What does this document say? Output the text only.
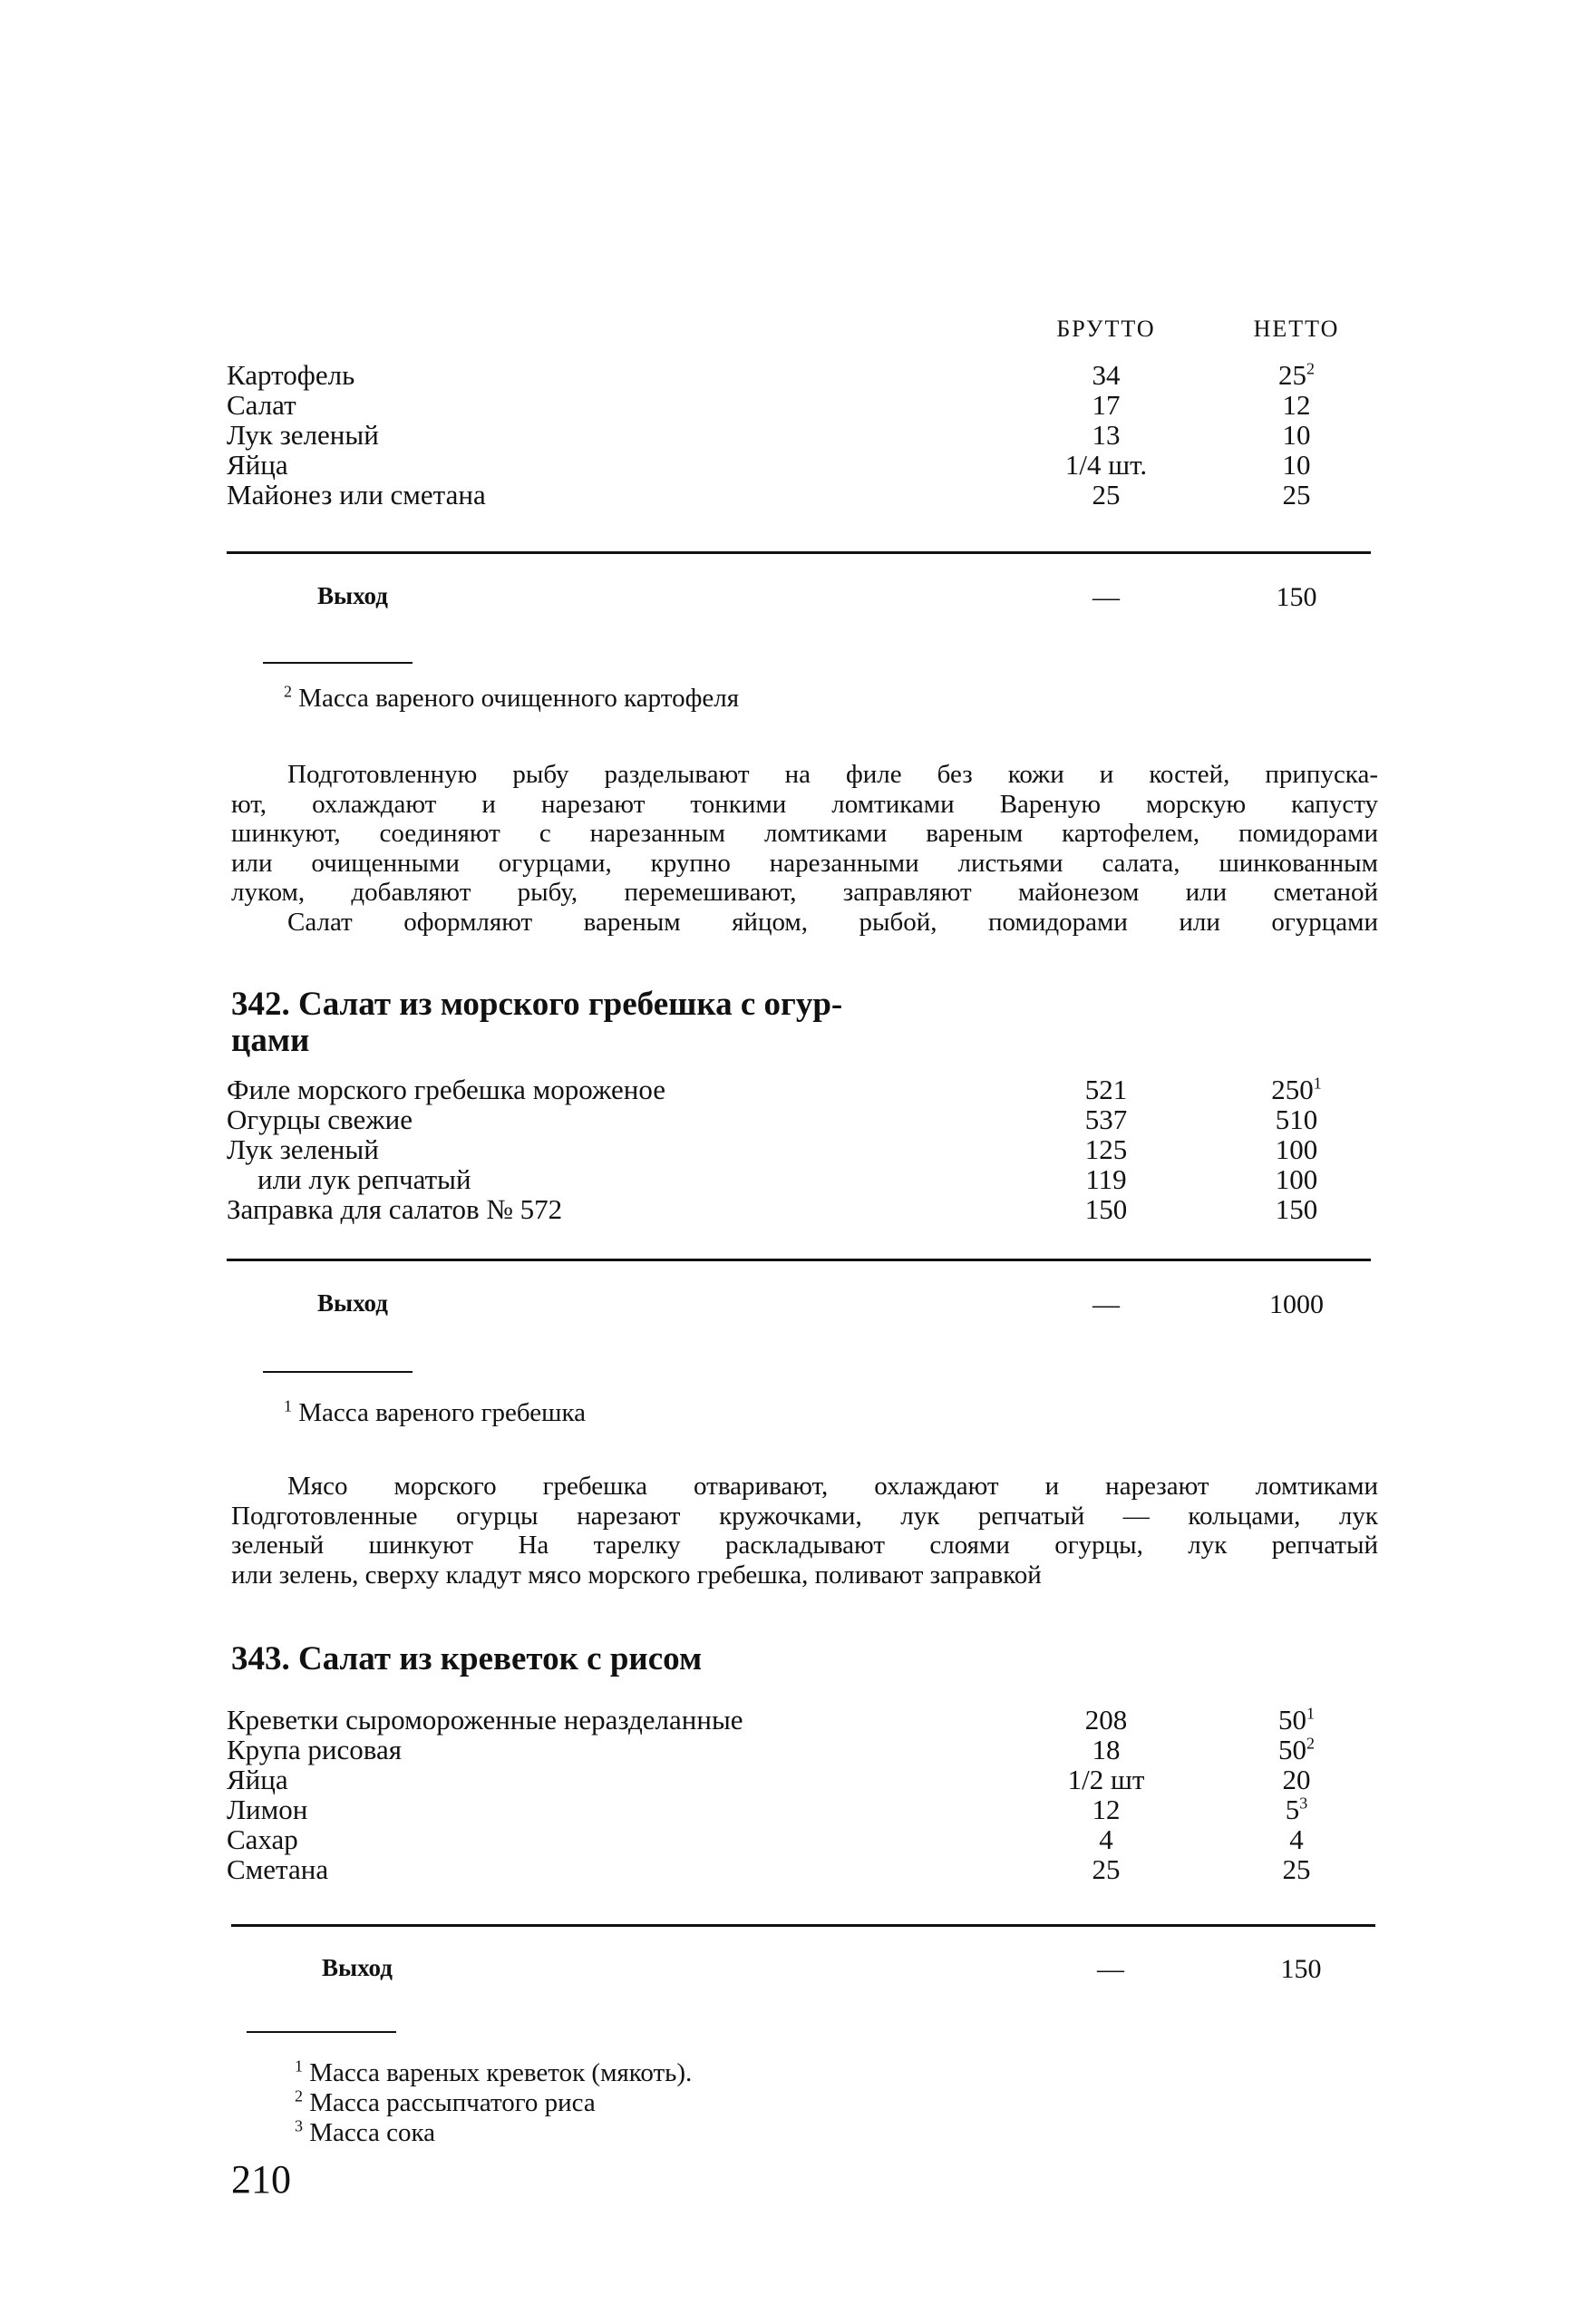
БРУТТО	НЕТТО
Картофель	34	$25^2$
Салат	17	12
Лук зеленый	13	10
Яйца	1/4 шт.	10
Майонез или сметана	25	25
Выход	—	150
$^2$ Масса вареного очищенного картофеля

Подготовленную рыбу разделывают на филе без кожи и костей, припуска-

ют, охлаждают и нарезают тонкими ломтиками Вареную морскую капусту

шинкуют, соединяют с нарезанным ломтиками вареным картофелем, помидорами

или очищенными огурцами, крупно нарезанными листьями салата, шинкованным

луком, добавляют рыбу, перемешивают, заправляют майонезом или сметаной

Салат оформляют вареным яйцом, рыбой, помидорами или огурцами

342. Салат из морского гребешка с огур-
цами
Филе морского гребешка мороженое	521	$250^1$
Огурцы свежие	537	510
Лук зеленый	125	100
или лук репчатый	119	100
Заправка для салатов № 572	150	150
Выход	—	1000
$^1$ Масса вареного гребешка

Мясо морского гребешка отваривают, охлаждают и нарезают ломтиками

Подготовленные огурцы нарезают кружочками, лук репчатый — кольцами, лук

зеленый шинкуют На тарелку раскладывают слоями огурцы, лук репчатый

или зелень, сверху кладут мясо морского гребешка, поливают заправкой

343. Салат из креветок с рисом
Креветки сыромороженные неразделанные	208	$50^1$
Крупа рисовая	18	$50^2$
Яйца	1/2 шт	20
Лимон	12	$5^3$
Сахар	4	4
Сметана	25	25
Выход	—	150
$^1$ Масса вареных креветок (мякоть).
$^2$ Масса рассыпчатого риса
$^3$ Масса сока
210
